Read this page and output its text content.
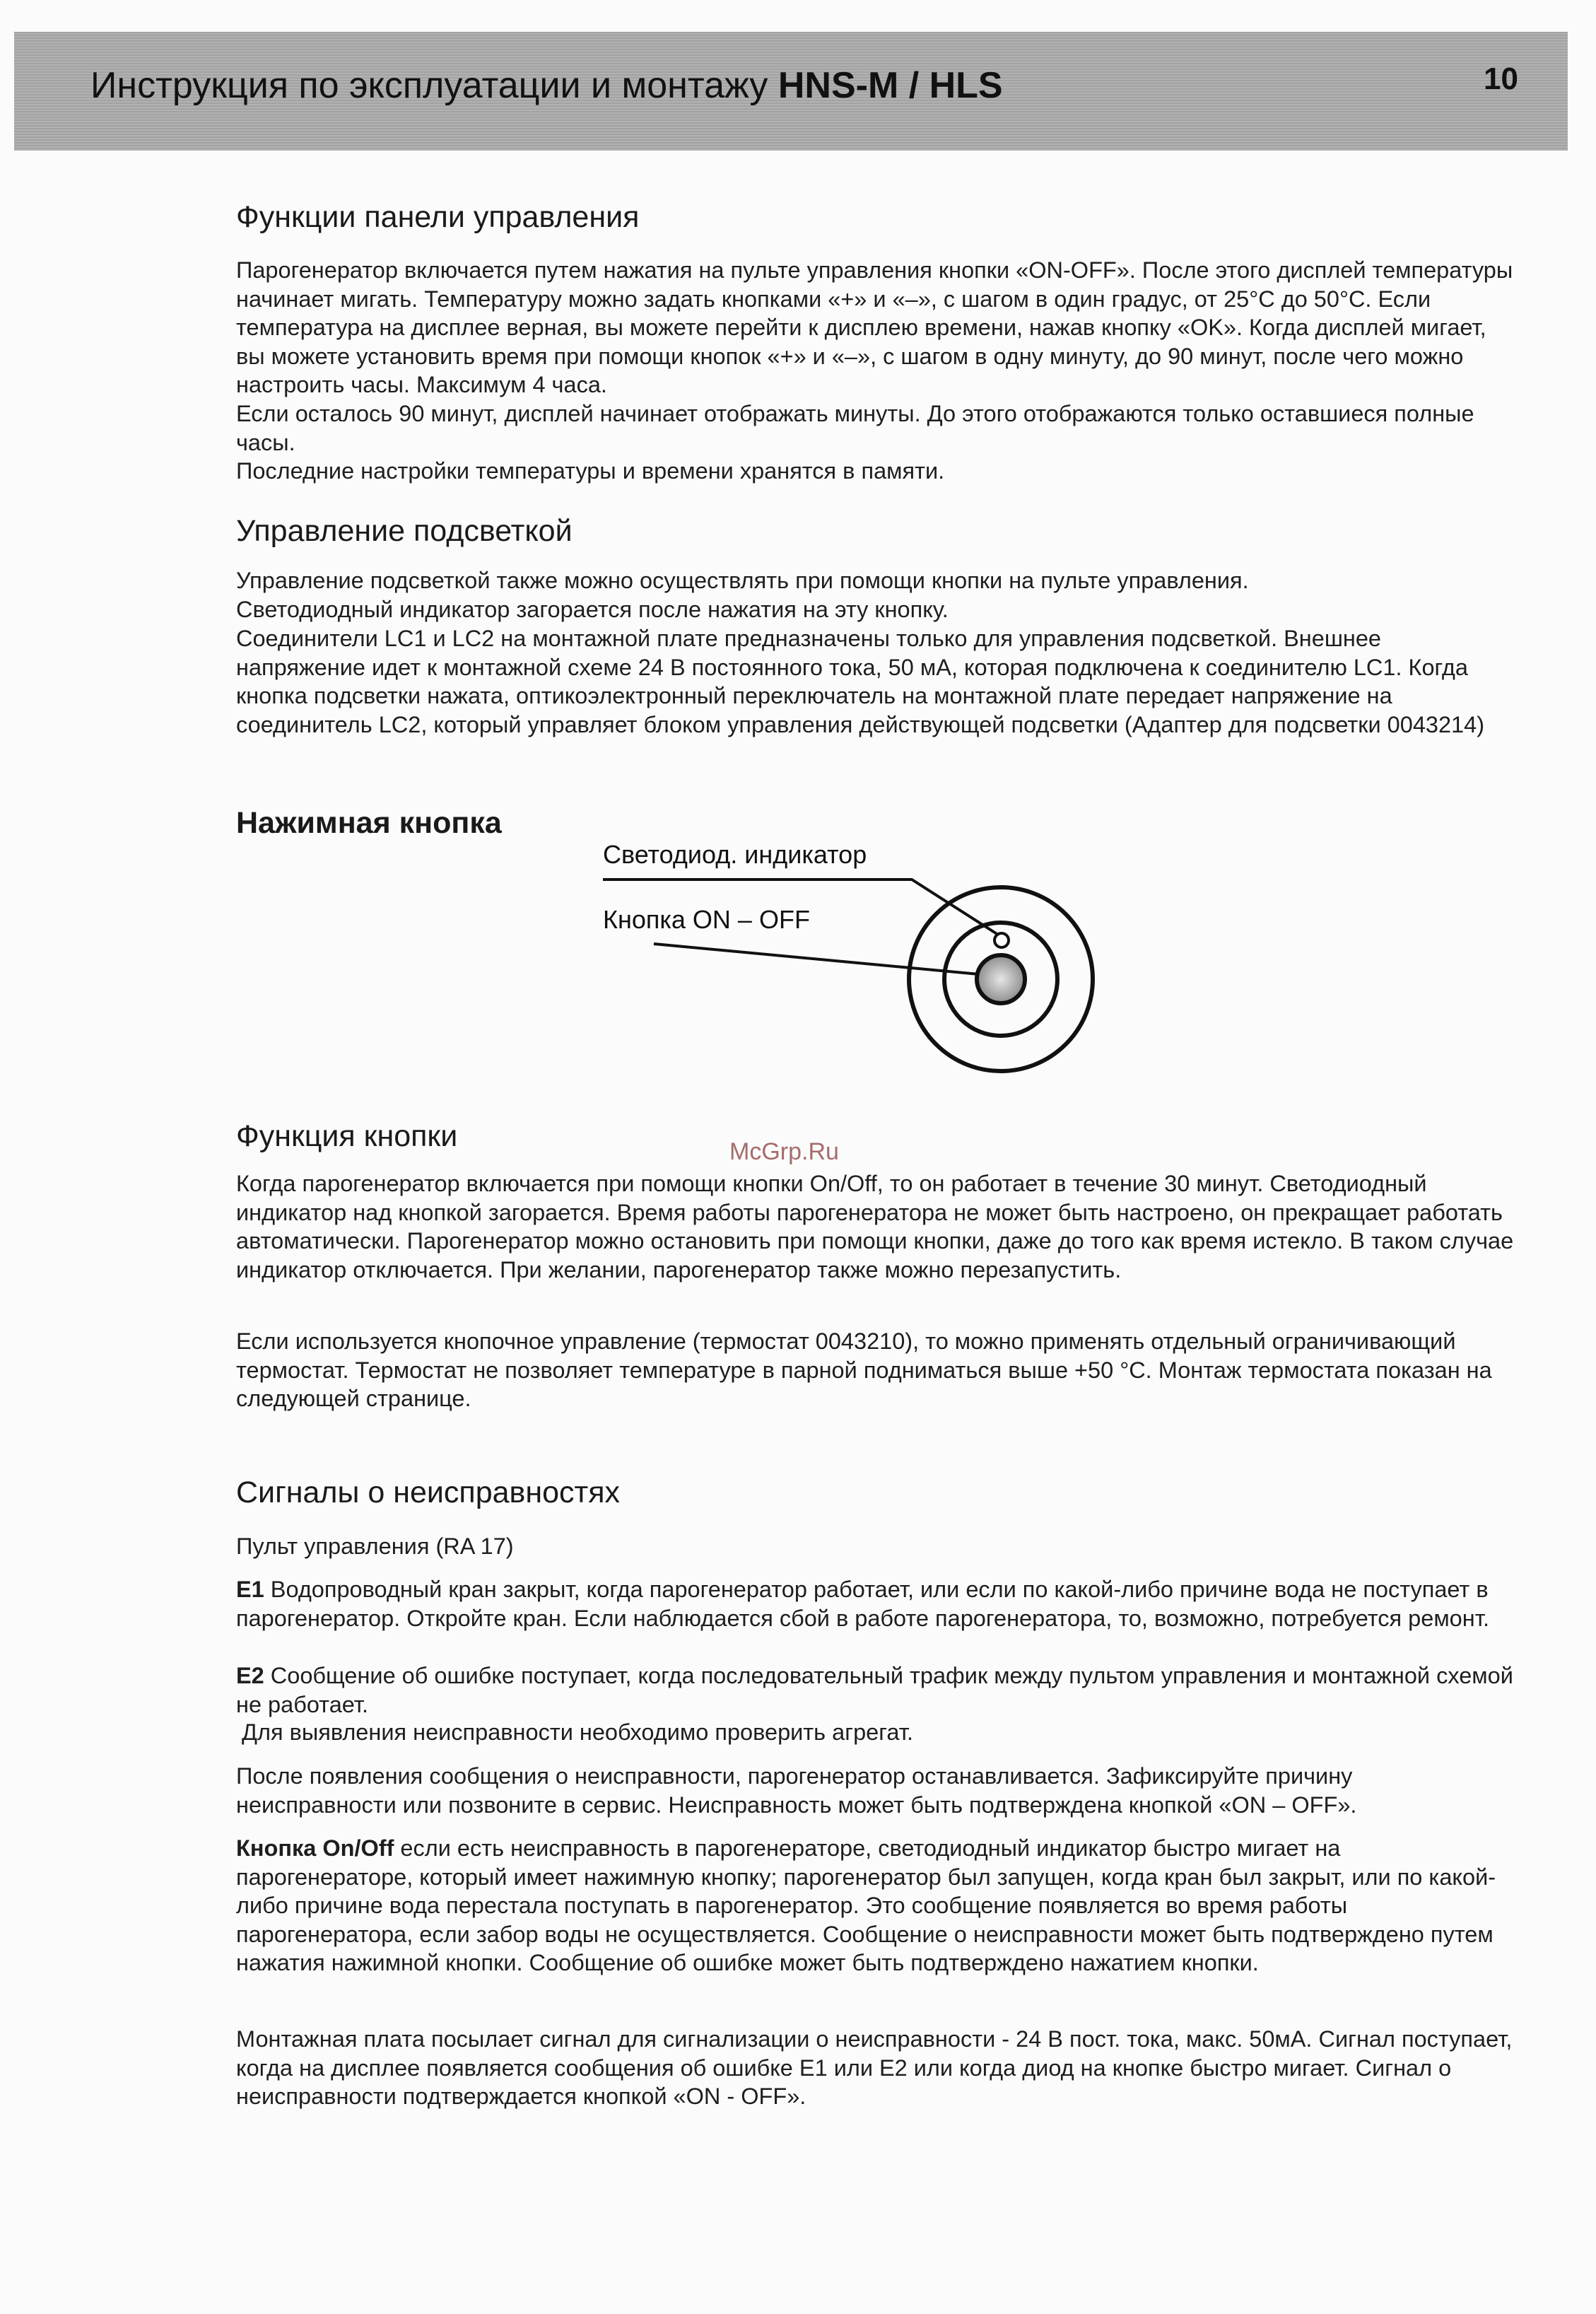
Инструкция по эксплуатации и монтажу HNS-M / HLS	10
Функции панели управления

Парогенератор включается путем нажатия на пульте управления кнопки «ON-OFF». После этого дисплей температуры начинает мигать. Температуру можно задать кнопками «+» и «–», с шагом в один градус, от 25°C до 50°C. Если температура на дисплее верная, вы можете перейти к дисплею времени, нажав кнопку «OK». Когда дисплей мигает, вы можете установить время при помощи кнопок «+» и «–», с шагом в одну минуту, до 90 минут, после чего можно настроить часы. Максимум 4 часа.

Если осталось 90 минут, дисплей начинает отображать минуты. До этого отображаются только оставшиеся полные часы.

Последние настройки температуры и времени хранятся в памяти.

Управление подсветкой

Управление подсветкой также можно осуществлять при помощи кнопки на пульте управления.

Светодиодный индикатор загорается после нажатия на эту кнопку.

Соединители LC1 и LC2 на монтажной плате предназначены только для управления подсветкой. Внешнее напряжение идет к монтажной схеме 24 В постоянного тока, 50 мА, которая подключена к соединителю LC1. Когда кнопка подсветки нажата, оптикоэлектронный переключатель на монтажной плате передает напряжение на соединитель LC2, который управляет блоком управления действующей подсветки (Адаптер для подсветки 0043214)

Нажимная кнопка
Функция кнопки

Когда парогенератор включается при помощи кнопки On/Off, то он работает в течение 30 минут. Светодиодный индикатор над кнопкой загорается. Время работы парогенератора не может быть настроено, он прекращает работать автоматически. Парогенератор можно остановить при помощи кнопки, даже до того как время истекло. В таком случае индикатор отключается. При желании, парогенератор также можно перезапустить.

Если используется кнопочное управление (термостат 0043210), то можно применять отдельный ограничивающий термостат. Термостат не позволяет температуре в парной подниматься выше +50 °C. Монтаж термостата показан на следующей странице.

Сигналы о неисправностях

Пульт управления (RA 17)

E1 Водопроводный кран закрыт, когда парогенератор работает, или если по какой-либо причине вода не поступает в парогенератор. Откройте кран. Если наблюдается сбой в работе парогенератора, то, возможно, потребуется ремонт.

E2 Сообщение об ошибке поступает, когда последовательный трафик между пультом управления и монтажной схемой не работает.

Для выявления неисправности необходимо проверить агрегат.

После появления сообщения о неисправности, парогенератор останавливается. Зафиксируйте причину неисправности или позвоните в сервис. Неисправность может быть подтверждена кнопкой «ON – OFF».

Кнопка On/Off если есть неисправность в парогенераторе, светодиодный индикатор быстро мигает на парогенераторе, который имеет нажимную кнопку; парогенератор был запущен, когда кран был закрыт, или по какой-либо причине вода перестала поступать в парогенератор. Это сообщение появляется во время работы парогенератора, если забор воды не осуществляется. Сообщение о неисправности может быть подтверждено путем нажатия нажимной кнопки. Сообщение об ошибке может быть подтверждено нажатием кнопки.

Монтажная плата посылает сигнал для сигнализации о неисправности - 24 В пост. тока, макс. 50мА. Сигнал поступает, когда на дисплее появляется сообщения об ошибке E1 или E2 или когда диод на кнопке быстро мигает. Сигнал о неисправности подтверждается кнопкой «ON - OFF».

Светодиод. индикатор
Кнопка ON – OFF
McGrp.Ru
